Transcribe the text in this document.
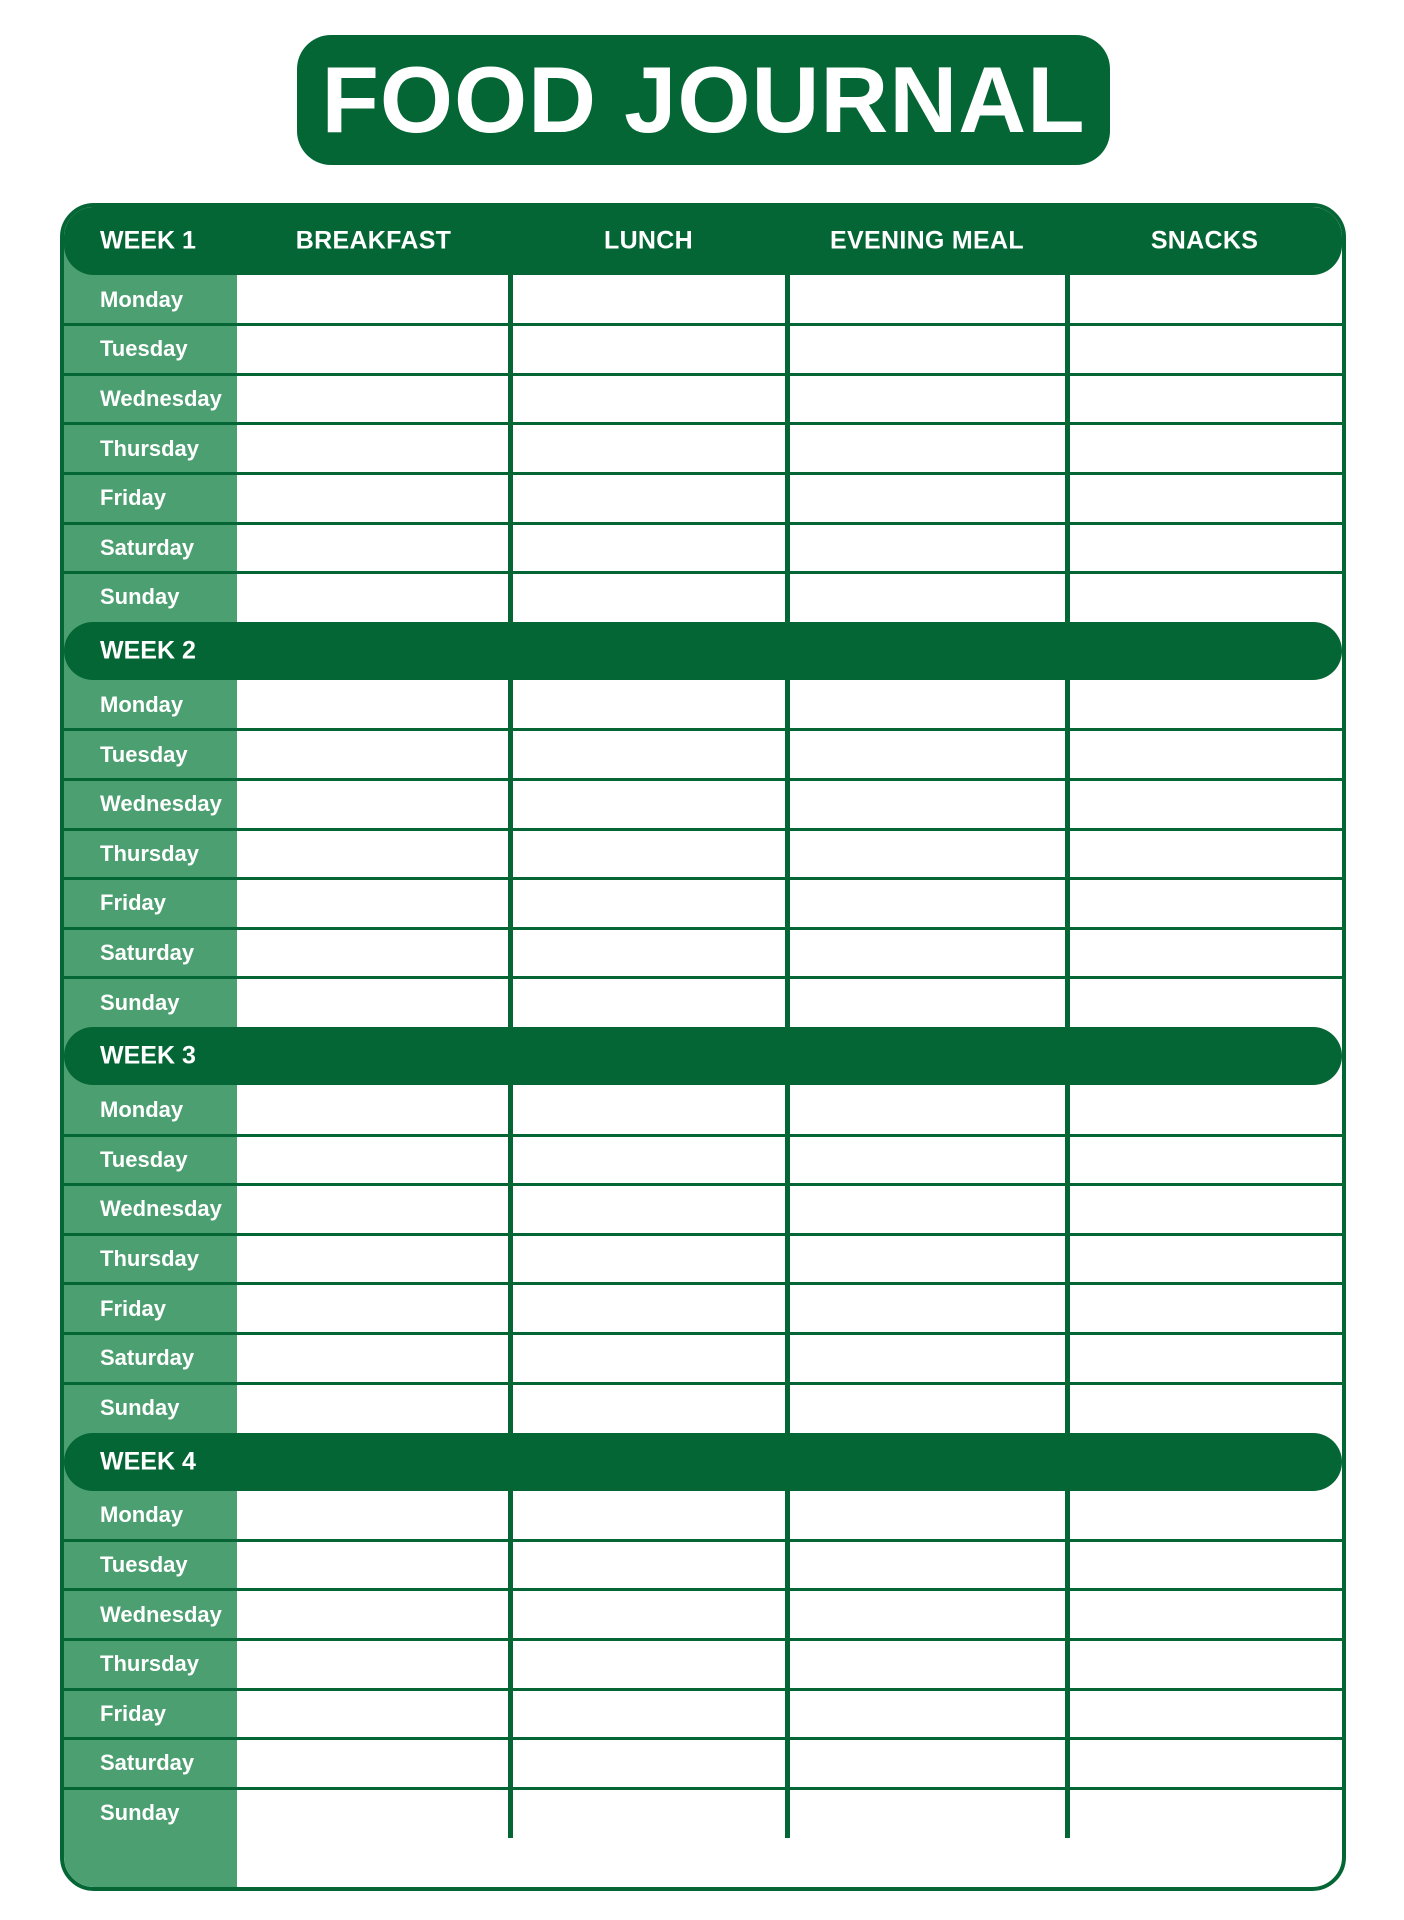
FOOD JOURNAL
WEEK 1	BREAKFAST	LUNCH	EVENING MEAL	SNACKS
Monday
Tuesday
Wednesday
Thursday
Friday
Saturday
Sunday
WEEK 2
Monday
Tuesday
Wednesday
Thursday
Friday
Saturday
Sunday
WEEK 3
Monday
Tuesday
Wednesday
Thursday
Friday
Saturday
Sunday
WEEK 4
Monday
Tuesday
Wednesday
Thursday
Friday
Saturday
Sunday
